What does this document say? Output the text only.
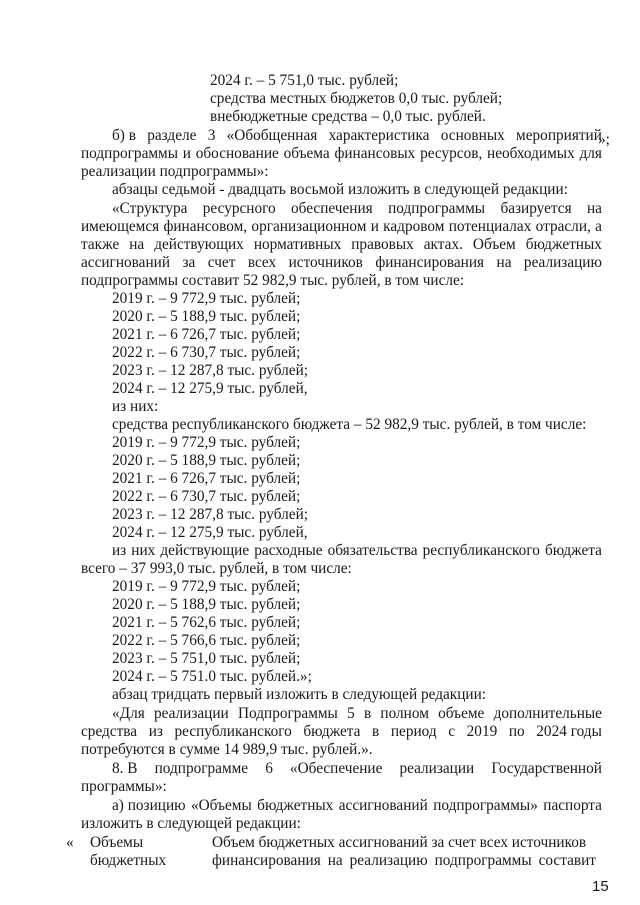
2024 г. – 5 751,0 тыс. рублей;
средства местных бюджетов 0,0 тыс. рублей;
внебюджетные средства – 0,0 тыс. рублей.
»;
б) в разделе 3 «Обобщенная характеристика основных мероприятий
подпрограммы и обоснование объема финансовых ресурсов, необходимых для
реализации подпрограммы»:
абзацы седьмой - двадцать восьмой изложить в следующей редакции:
«Структура ресурсного обеспечения подпрограммы базируется на
имеющемся финансовом, организационном и кадровом потенциалах отрасли, а
также на действующих нормативных правовых актах. Объем бюджетных
ассигнований за счет всех источников финансирования на реализацию
подпрограммы составит 52 982,9 тыс. рублей, в том числе:
2019 г. – 9 772,9 тыс. рублей;
2020 г. – 5 188,9 тыс. рублей;
2021 г. – 6 726,7 тыс. рублей;
2022 г. – 6 730,7 тыс. рублей;
2023 г. – 12 287,8 тыс. рублей;
2024 г. – 12 275,9 тыс. рублей,
из них:
средства республиканского бюджета – 52 982,9 тыс. рублей, в том числе:
2019 г. – 9 772,9 тыс. рублей;
2020 г. – 5 188,9 тыс. рублей;
2021 г. – 6 726,7 тыс. рублей;
2022 г. – 6 730,7 тыс. рублей;
2023 г. – 12 287,8 тыс. рублей;
2024 г. – 12 275,9 тыс. рублей,
из них действующие расходные обязательства республиканского бюджета
всего – 37 993,0 тыс. рублей, в том числе:
2019 г. – 9 772,9 тыс. рублей;
2020 г. – 5 188,9 тыс. рублей;
2021 г. – 5 762,6 тыс. рублей;
2022 г. – 5 766,6 тыс. рублей;
2023 г. – 5 751,0 тыс. рублей;
2024 г. – 5 751.0 тыс. рублей.»;
абзац тридцать первый изложить в следующей редакции:
«Для реализации Подпрограммы 5 в полном объеме дополнительные
средства из республиканского бюджета в период с 2019 по 2024 годы
потребуются в сумме 14 989,9 тыс. рублей.».
8. В подпрограмме 6 «Обеспечение реализации Государственной
программы»:
а) позицию «Объемы бюджетных ассигнований подпрограммы» паспорта
изложить в следующей редакции:
« Объемы
бюджетных
Объем бюджетных ассигнований за счет всех источников
финансирования на реализацию подпрограммы составит
15
